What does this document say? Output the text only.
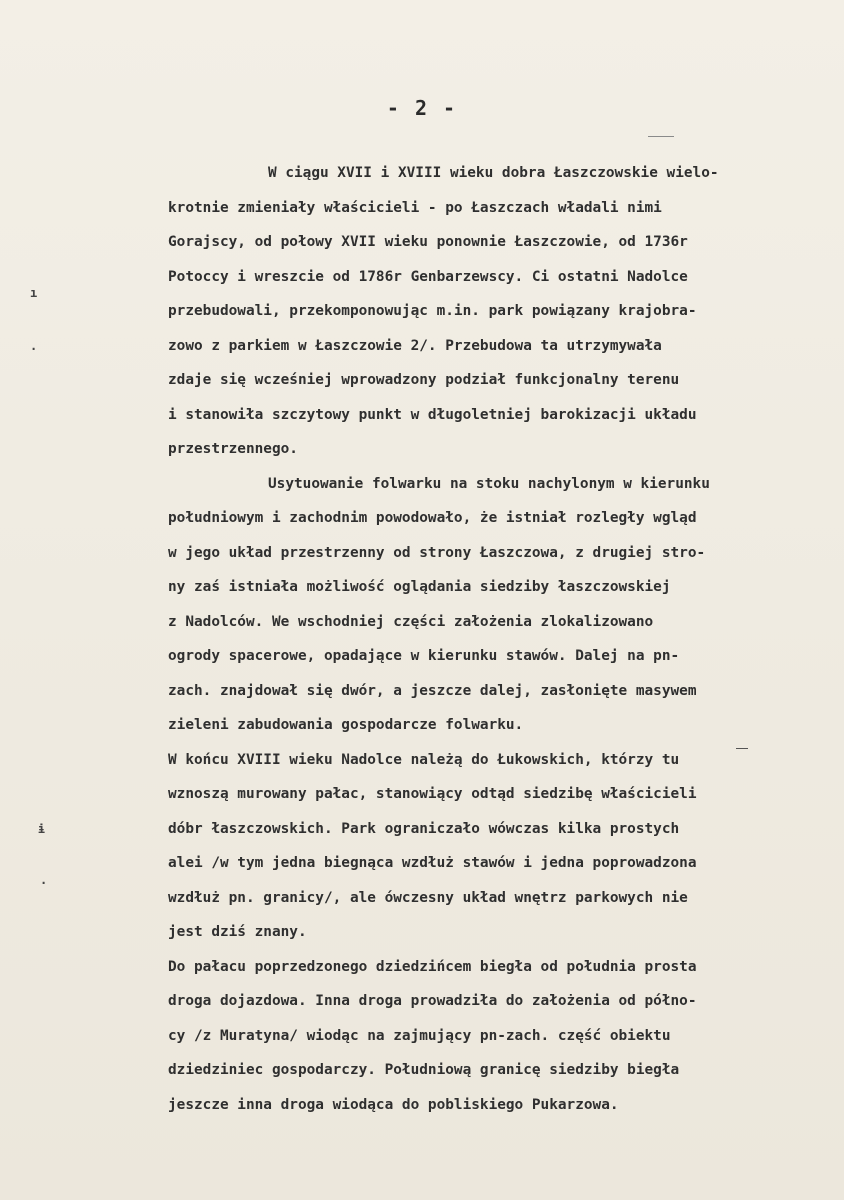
- 2 -
ı
·
ɨ
·
W ciągu XVII i XVIII wieku dobra Łaszczowskie wielo-
krotnie zmieniały właścicieli - po Łaszczach władali nimi
Gorajscy, od połowy XVII wieku ponownie Łaszczowie, od 1736r
Potoccy i wreszcie od 1786r Genbarzewscy. Ci ostatni Nadolce
przebudowali, przekomponowując m.in. park powiązany krajobra-
zowo z parkiem w Łaszczowie 2/. Przebudowa ta utrzymywała
zdaje się wcześniej wprowadzony podział funkcjonalny terenu
i stanowiła szczytowy punkt w długoletniej barokizacji układu
przestrzennego.
Usytuowanie folwarku na stoku nachylonym w kierunku
południowym i zachodnim powodowało, że istniał rozległy wgląd
w jego układ przestrzenny od strony Łaszczowa, z drugiej stro-
ny zaś istniała możliwość oglądania siedziby łaszczowskiej
z Nadolców. We wschodniej części założenia zlokalizowano
ogrody spacerowe, opadające w kierunku stawów. Dalej na pn-
zach. znajdował się dwór, a jeszcze dalej, zasłonięte masywem
zieleni zabudowania gospodarcze folwarku.
W końcu XVIII wieku Nadolce należą do Łukowskich, którzy tu
wznoszą murowany pałac, stanowiący odtąd siedzibę właścicieli
dóbr łaszczowskich. Park ograniczało wówczas kilka prostych
alei /w tym jedna biegnąca wzdłuż stawów i jedna poprowadzona
wzdłuż pn. granicy/, ale ówczesny układ wnętrz parkowych nie
jest dziś znany.
Do pałacu poprzedzonego dziedzińcem biegła od południa prosta
droga dojazdowa. Inna droga prowadziła do założenia od półno-
cy /z Muratyna/ wiodąc na zajmujący pn-zach. część obiektu
dziedziniec gospodarczy. Południową granicę siedziby biegła
jeszcze inna droga wiodąca do pobliskiego Pukarzowa.
